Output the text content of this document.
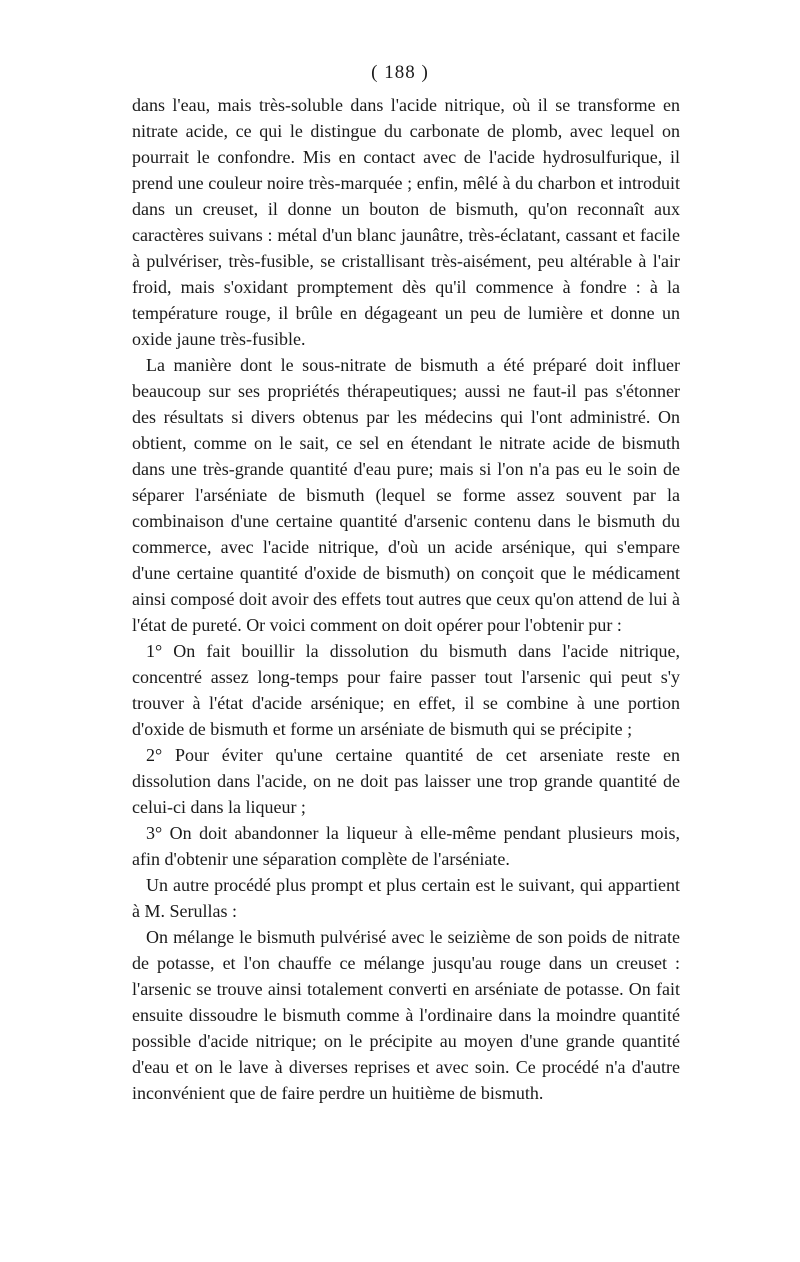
( 188 )

dans l'eau, mais très-soluble dans l'acide nitrique, où il se transforme en nitrate acide, ce qui le distingue du carbonate de plomb, avec lequel on pourrait le confondre. Mis en contact avec de l'acide hydrosulfurique, il prend une couleur noire très-marquée ; enfin, mêlé à du charbon et introduit dans un creuset, il donne un bouton de bismuth, qu'on reconnaît aux caractères suivans : métal d'un blanc jaunâtre, très-éclatant, cassant et facile à pulvériser, très-fusible, se cristallisant très-aisément, peu altérable à l'air froid, mais s'oxidant promptement dès qu'il commence à fondre : à la température rouge, il brûle en dégageant un peu de lumière et donne un oxide jaune très-fusible.

La manière dont le sous-nitrate de bismuth a été préparé doit influer beaucoup sur ses propriétés thérapeutiques; aussi ne faut-il pas s'étonner des résultats si divers obtenus par les médecins qui l'ont administré. On obtient, comme on le sait, ce sel en étendant le nitrate acide de bismuth dans une très-grande quantité d'eau pure; mais si l'on n'a pas eu le soin de séparer l'arséniate de bismuth (lequel se forme assez souvent par la combinaison d'une certaine quantité d'arsenic contenu dans le bismuth du commerce, avec l'acide nitrique, d'où un acide arsénique, qui s'empare d'une certaine quantité d'oxide de bismuth) on conçoit que le médicament ainsi composé doit avoir des effets tout autres que ceux qu'on attend de lui à l'état de pureté. Or voici comment on doit opérer pour l'obtenir pur :

1° On fait bouillir la dissolution du bismuth dans l'acide nitrique, concentré assez long-temps pour faire passer tout l'arsenic qui peut s'y trouver à l'état d'acide arsénique; en effet, il se combine à une portion d'oxide de bismuth et forme un arséniate de bismuth qui se précipite ;

2° Pour éviter qu'une certaine quantité de cet arseniate reste en dissolution dans l'acide, on ne doit pas laisser une trop grande quantité de celui-ci dans la liqueur ;

3° On doit abandonner la liqueur à elle-même pendant plusieurs mois, afin d'obtenir une séparation complète de l'arséniate.

Un autre procédé plus prompt et plus certain est le suivant, qui appartient à M. Serullas :

On mélange le bismuth pulvérisé avec le seizième de son poids de nitrate de potasse, et l'on chauffe ce mélange jusqu'au rouge dans un creuset : l'arsenic se trouve ainsi totalement converti en arséniate de potasse. On fait ensuite dissoudre le bismuth comme à l'ordinaire dans la moindre quantité possible d'acide nitrique; on le précipite au moyen d'une grande quantité d'eau et on le lave à diverses reprises et avec soin. Ce procédé n'a d'autre inconvénient que de faire perdre un huitième de bismuth.
